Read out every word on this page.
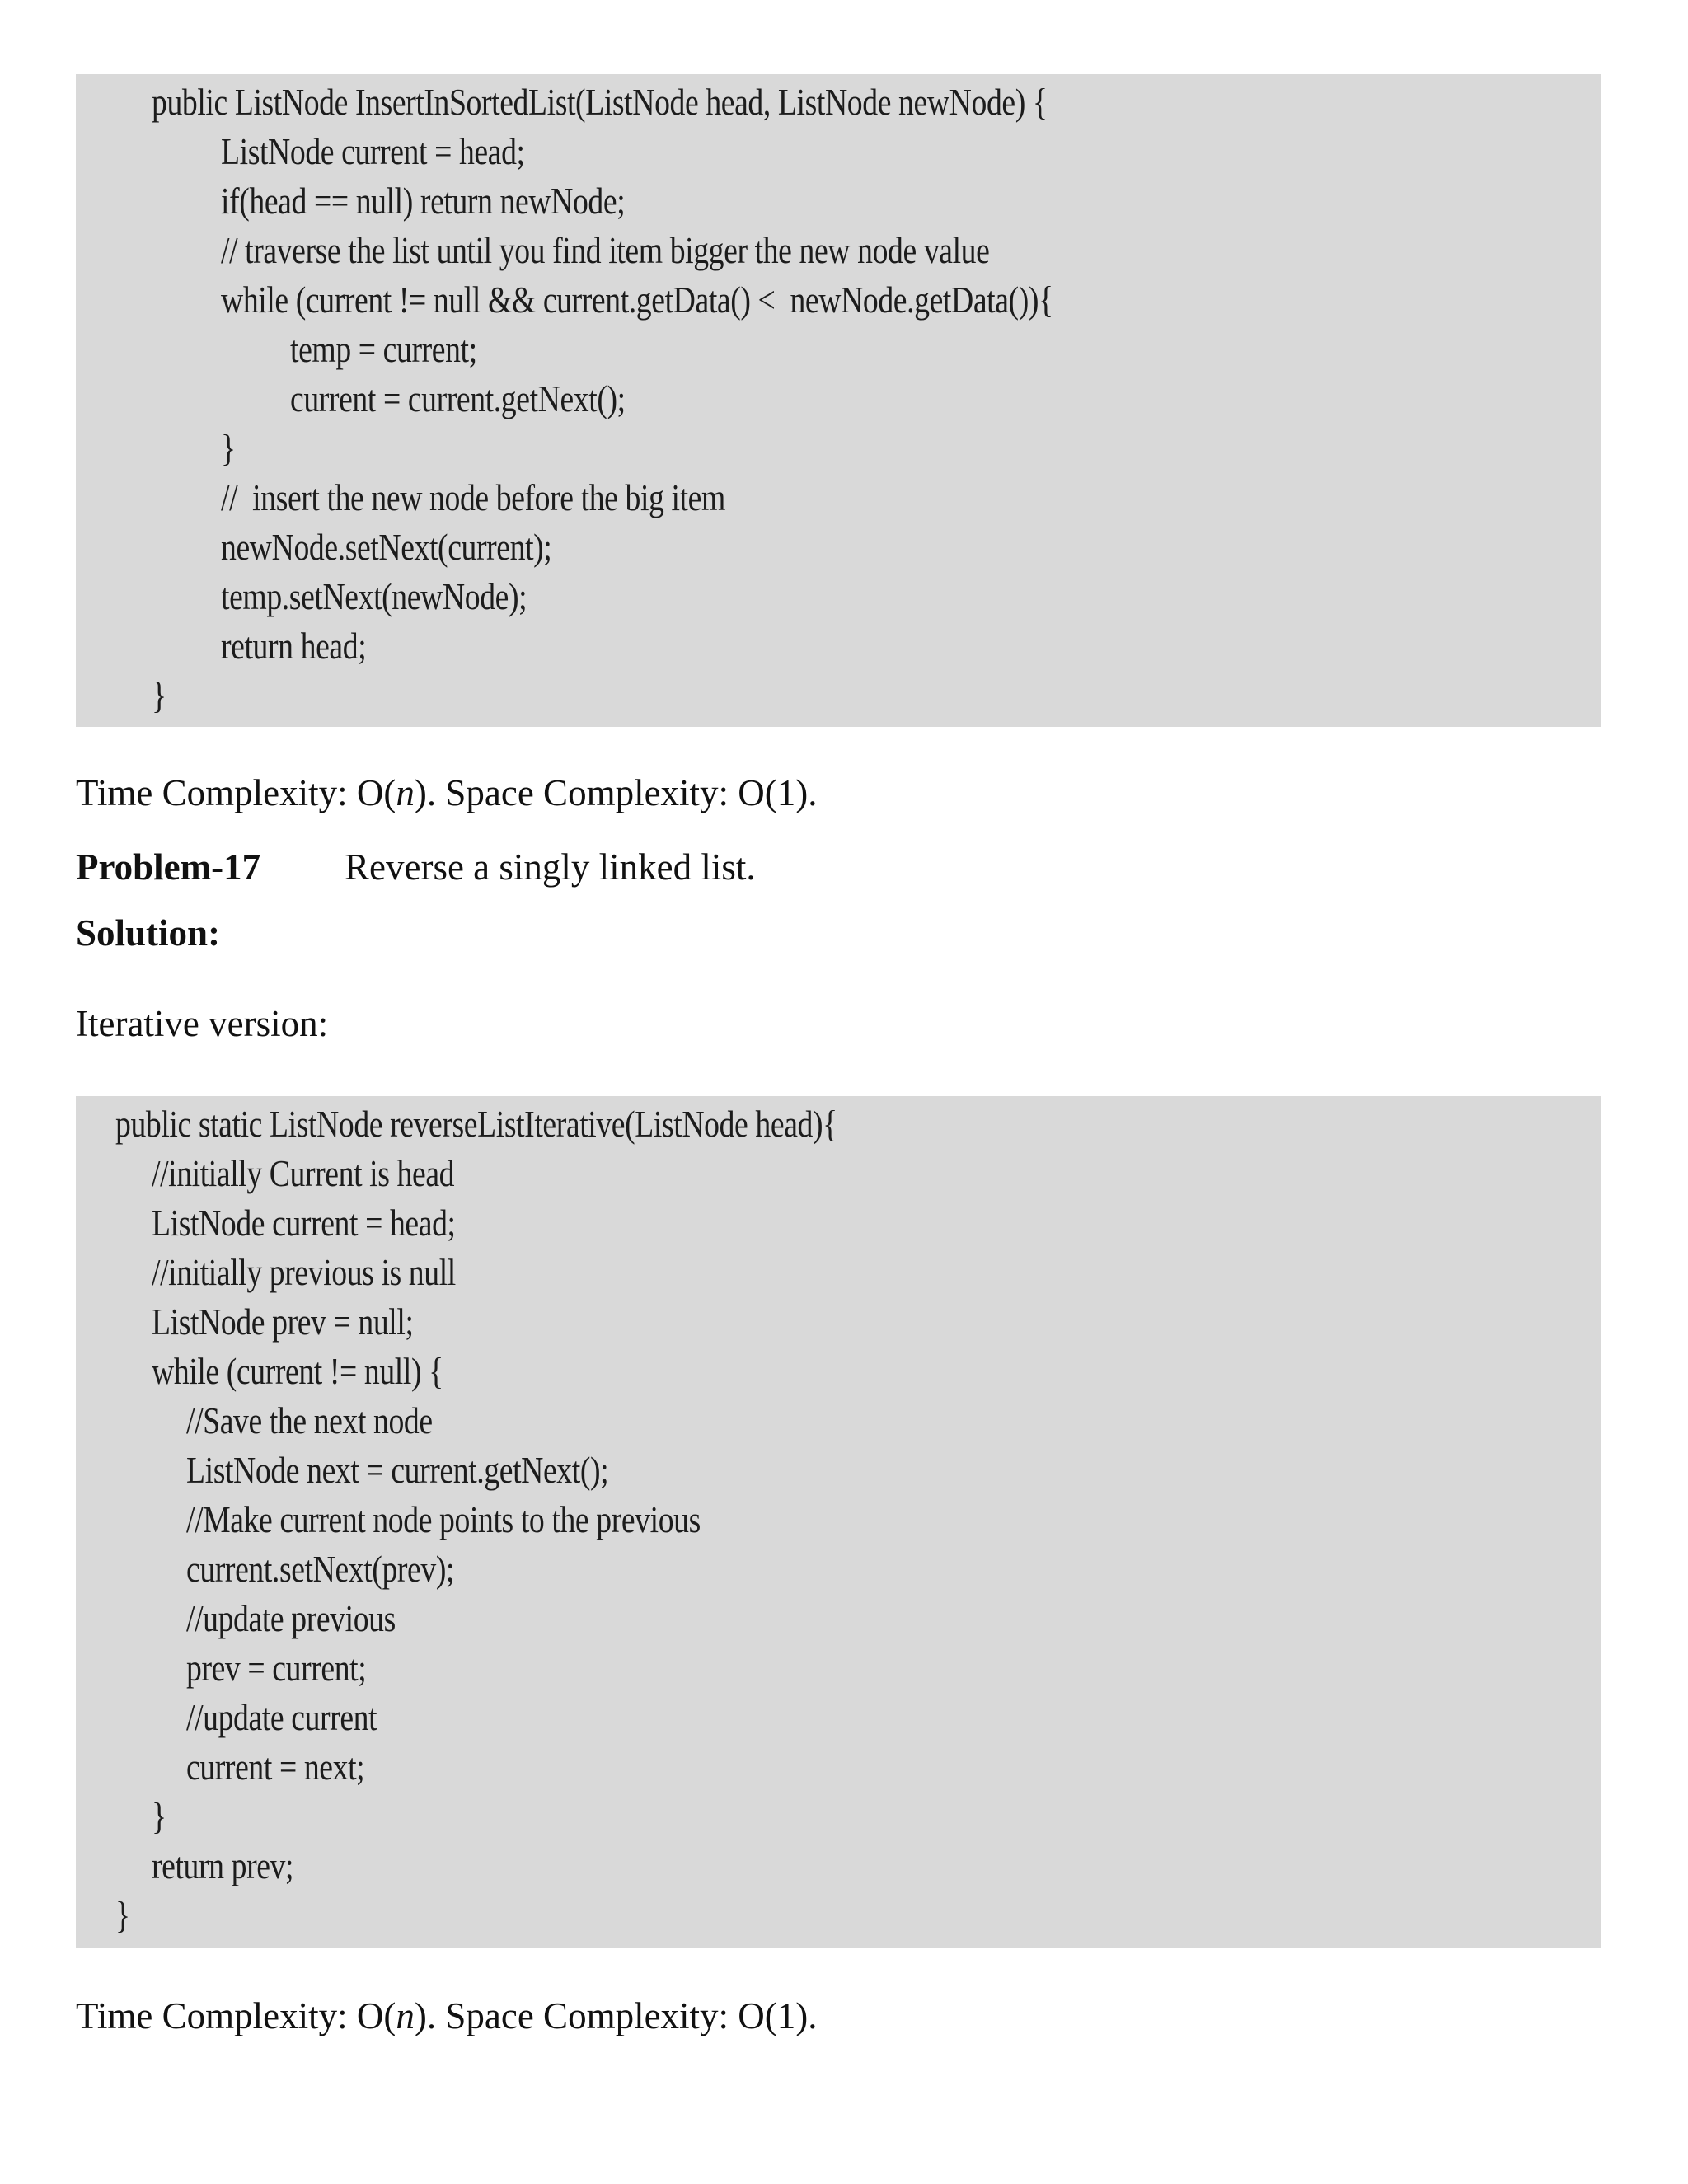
public ListNode InsertInSortedList(ListNode head, ListNode newNode) {
ListNode current = head;
if(head == null) return newNode;
// traverse the list until you find item bigger the new node value
while (current != null && current.getData() <  newNode.getData()){
temp = current;
current = current.getNext();
}
//  insert the new node before the big item
newNode.setNext(current);
temp.setNext(newNode);
return head;
}
Time Complexity: O(n). Space Complexity: O(1).
Problem-17 Reverse a singly linked list.
Solution:
Iterative version:
public static ListNode reverseListIterative(ListNode head){
//initially Current is head
ListNode current = head;
//initially previous is null
ListNode prev = null;
while (current != null) {
//Save the next node
ListNode next = current.getNext();
//Make current node points to the previous
current.setNext(prev);
//update previous
prev = current;
//update current
current = next;
}
return prev;
}
Time Complexity: O(n). Space Complexity: O(1).
